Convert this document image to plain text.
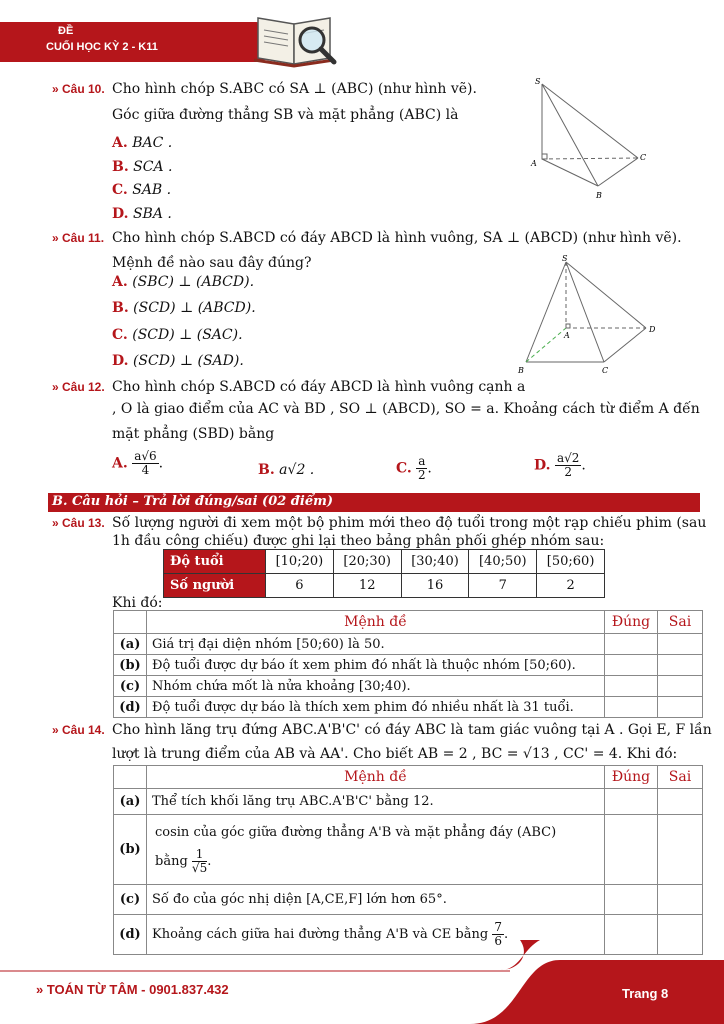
ĐỀ
CUỐI HỌC KỲ 2 - K11
» Câu 10. Cho hình chóp S.ABC có SA ⊥ (ABC) (như hình vẽ).
Góc giữa đường thẳng SB và mặt phẳng (ABC) là
A. BAC .
B. SCA .
C. SAB .
D. SBA .
S
A
B
C
» Câu 11. Cho hình chóp S.ABCD có đáy ABCD là hình vuông, SA ⊥ (ABCD) (như hình vẽ).
Mệnh đề nào sau đây đúng?
A. (SBC) ⊥ (ABCD).
B. (SCD) ⊥ (ABCD).
C. (SCD) ⊥ (SAC).
D. (SCD) ⊥ (SAD).
S
A
B	C
D
» Câu 12. Cho hình chóp S.ABCD có đáy ABCD là hình vuông cạnh a
, O là giao điểm của AC và BD , SO ⊥ (ABCD), SO = a. Khoảng cách từ điểm A đến
mặt phẳng (SBD) bằng
A. $\frac{a√6}{4}$ .	B. a√2 .	C. $\frac{a}{2}$ .	D. $\frac{a√2}{2}$ .
B. Câu hỏi – Trả lời đúng/sai (02 điểm)
» Câu 13. Số lượng người đi xem một bộ phim mới theo độ tuổi trong một rạp chiếu phim (sau
1h đầu công chiếu) được ghi lại theo bảng phân phối ghép nhóm sau:
Độ tuổi	[10;20)	[20;30)	[30;40)	[40;50)	[50;60)
Số người	6	12	16	7	2
Khi đó:
	Mệnh đề	Đúng	Sai
(a)	Giá trị đại diện nhóm [50;60) là 50.		
(b)	Độ tuổi được dự báo ít xem phim đó nhất là thuộc nhóm [50;60).		
(c)	Nhóm chứa mốt là nửa khoảng [30;40).		
(d)	Độ tuổi được dự báo là thích xem phim đó nhiều nhất là 31 tuổi.		
» Câu 14. Cho hình lăng trụ đứng ABC.A'B'C' có đáy ABC là tam giác vuông tại A . Gọi E, F lần
lượt là trung điểm của AB và AA'. Cho biết AB = 2 , BC = √13 , CC' = 4. Khi đó:
	Mệnh đề	Đúng	Sai
(a)	Thể tích khối lăng trụ ABC.A'B'C' bằng 12.		
(b)	cosin của góc giữa đường thẳng A'B và mặt phẳng đáy (ABC)
bằng $\frac{1}{√5}$ .		

(c)	Số đo của góc nhị diện [A,CE,F] lớn hơn 65°.		
(d)	Khoảng cách giữa hai đường thẳng A'B và CE bằng $\frac{7}{6}$ .		
» TOÁN TỪ TÂM - 0901.837.432	Trang 8
